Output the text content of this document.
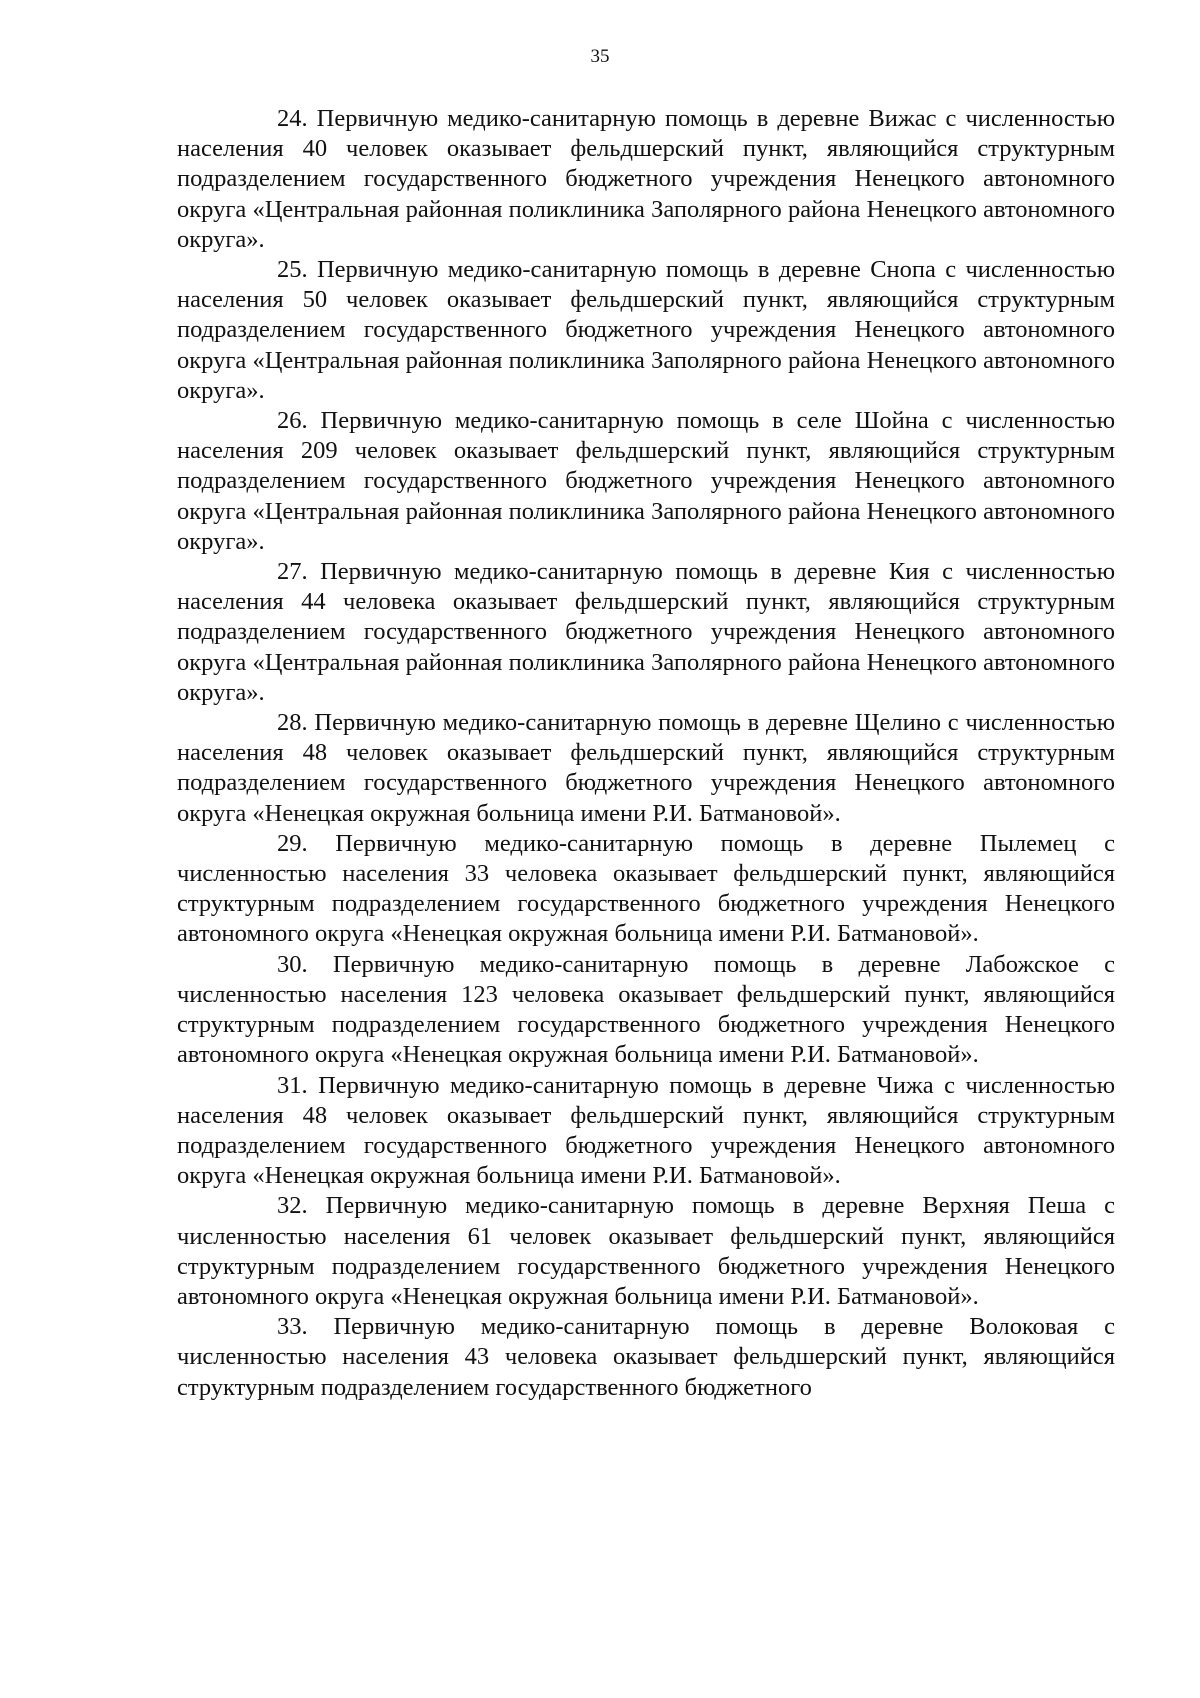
35

24. Первичную медико-санитарную помощь в деревне Вижас с численностью населения 40 человек оказывает фельдшерский пункт, являющийся структурным подразделением государственного бюджетного учреждения Ненецкого автономного округа «Центральная районная поликлиника Заполярного района Ненецкого автономного округа».

25. Первичную медико-санитарную помощь в деревне Снопа с численностью населения 50 человек оказывает фельдшерский пункт, являющийся структурным подразделением государственного бюджетного учреждения Ненецкого автономного округа «Центральная районная поликлиника Заполярного района Ненецкого автономного округа».

26. Первичную медико-санитарную помощь в селе Шойна с численностью населения 209 человек оказывает фельдшерский пункт, являющийся структурным подразделением государственного бюджетного учреждения Ненецкого автономного округа «Центральная районная поликлиника Заполярного района Ненецкого автономного округа».

27. Первичную медико-санитарную помощь в деревне Кия с численностью населения 44 человека оказывает фельдшерский пункт, являющийся структурным подразделением государственного бюджетного учреждения Ненецкого автономного округа «Центральная районная поликлиника Заполярного района Ненецкого автономного округа».

28. Первичную медико-санитарную помощь в деревне Щелино с численностью населения 48 человек оказывает фельдшерский пункт, являющийся структурным подразделением государственного бюджетного учреждения Ненецкого автономного округа «Ненецкая окружная больница имени Р.И. Батмановой».

29. Первичную медико-санитарную помощь в деревне Пылемец с численностью населения 33 человека оказывает фельдшерский пункт, являющийся структурным подразделением государственного бюджетного учреждения Ненецкого автономного округа «Ненецкая окружная больница имени Р.И. Батмановой».

30. Первичную медико-санитарную помощь в деревне Лабожское с численностью населения 123 человека оказывает фельдшерский пункт, являющийся структурным подразделением государственного бюджетного учреждения Ненецкого автономного округа «Ненецкая окружная больница имени Р.И. Батмановой».

31. Первичную медико-санитарную помощь в деревне Чижа с численностью населения 48 человек оказывает фельдшерский пункт, являющийся структурным подразделением государственного бюджетного учреждения Ненецкого автономного округа «Ненецкая окружная больница имени Р.И. Батмановой».

32. Первичную медико-санитарную помощь в деревне Верхняя Пеша с численностью населения 61 человек оказывает фельдшерский пункт, являющийся структурным подразделением государственного бюджетного учреждения Ненецкого автономного округа «Ненецкая окружная больница имени Р.И. Батмановой».

33. Первичную медико-санитарную помощь в деревне Волоковая с численностью населения 43 человека оказывает фельдшерский пункт, являющийся структурным подразделением государственного бюджетного
